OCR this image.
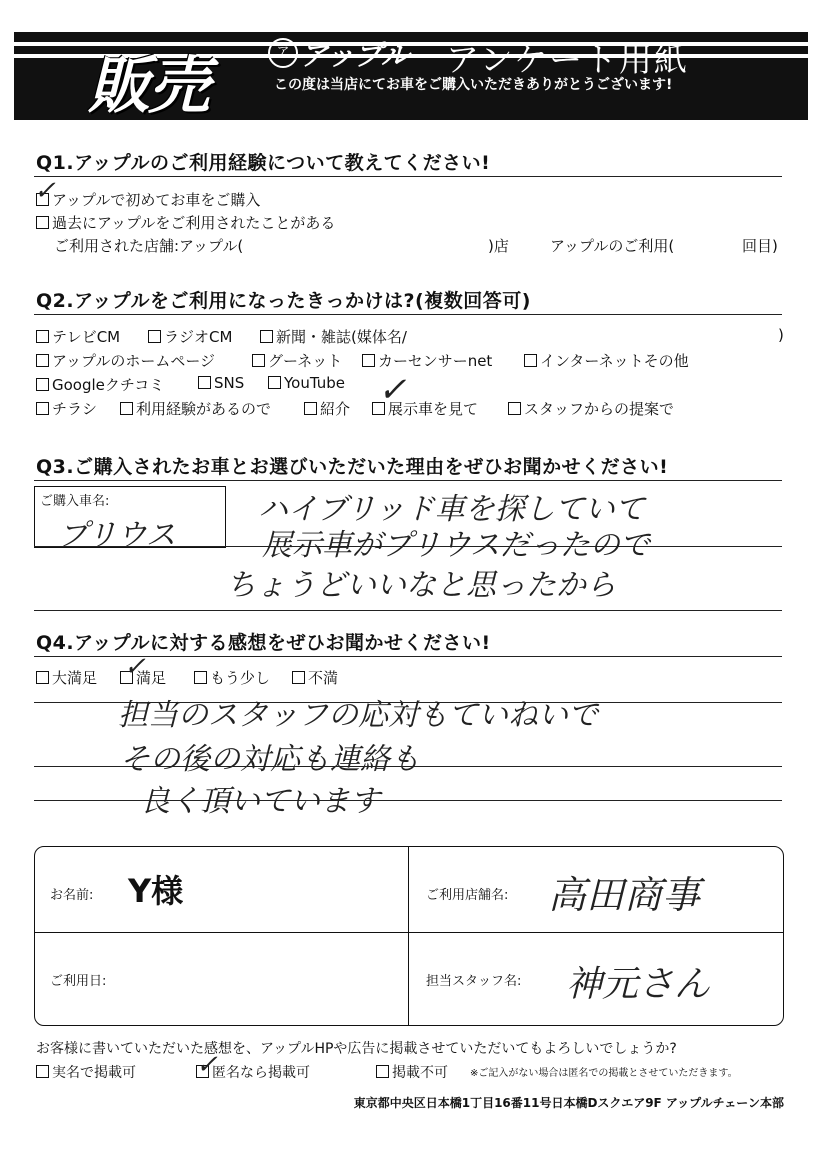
販売	ア アップル アンケート用紙
この度は当店にてお車をご購入いただきありがとうございます!
Q1.アップルのご利用経験について教えてください!
アップルで初めてお車をご購入
✓
過去にアップルをご利用されたことがある
ご利用された店舗:アップル(	)店	アップルのご利用(	回目)
Q2.アップルをご利用になったきっかけは?(複数回答可)
テレビCM	ラジオCM	新聞・雑誌(媒体名/	)
アップルのホームページ	グーネット	カーセンサーnet	インターネットその他
Googleクチコミ	SNS	YouTube
チラシ	利用経験があるので	紹介	展示車を見て
✓	スタッフからの提案で
Q3.ご購入されたお車とお選びいただいた理由をぜひお聞かせください!
ご購入車名:
プリウス
ハイブリッド車を探していて
展示車がプリウスだったので
ちょうどいいなと思ったから
Q4.アップルに対する感想をぜひお聞かせください!
大満足	満足
✓	もう少し	不満
担当のスタッフの応対もていねいで
その後の対応も連絡も
良く頂いています
お名前: Y様	ご利用店舗名: 高田商事
ご利用日:	担当スタッフ名: 神元さん
お客様に書いていただいた感想を、アップルHPや広告に掲載させていただいてもよろしいでしょうか?
実名で掲載可	匿名なら掲載可
✓	掲載不可 ※ご記入がない場合は匿名での掲載とさせていただきます。
東京都中央区日本橋1丁目16番11号日本橋Dスクエア9F アップルチェーン本部
